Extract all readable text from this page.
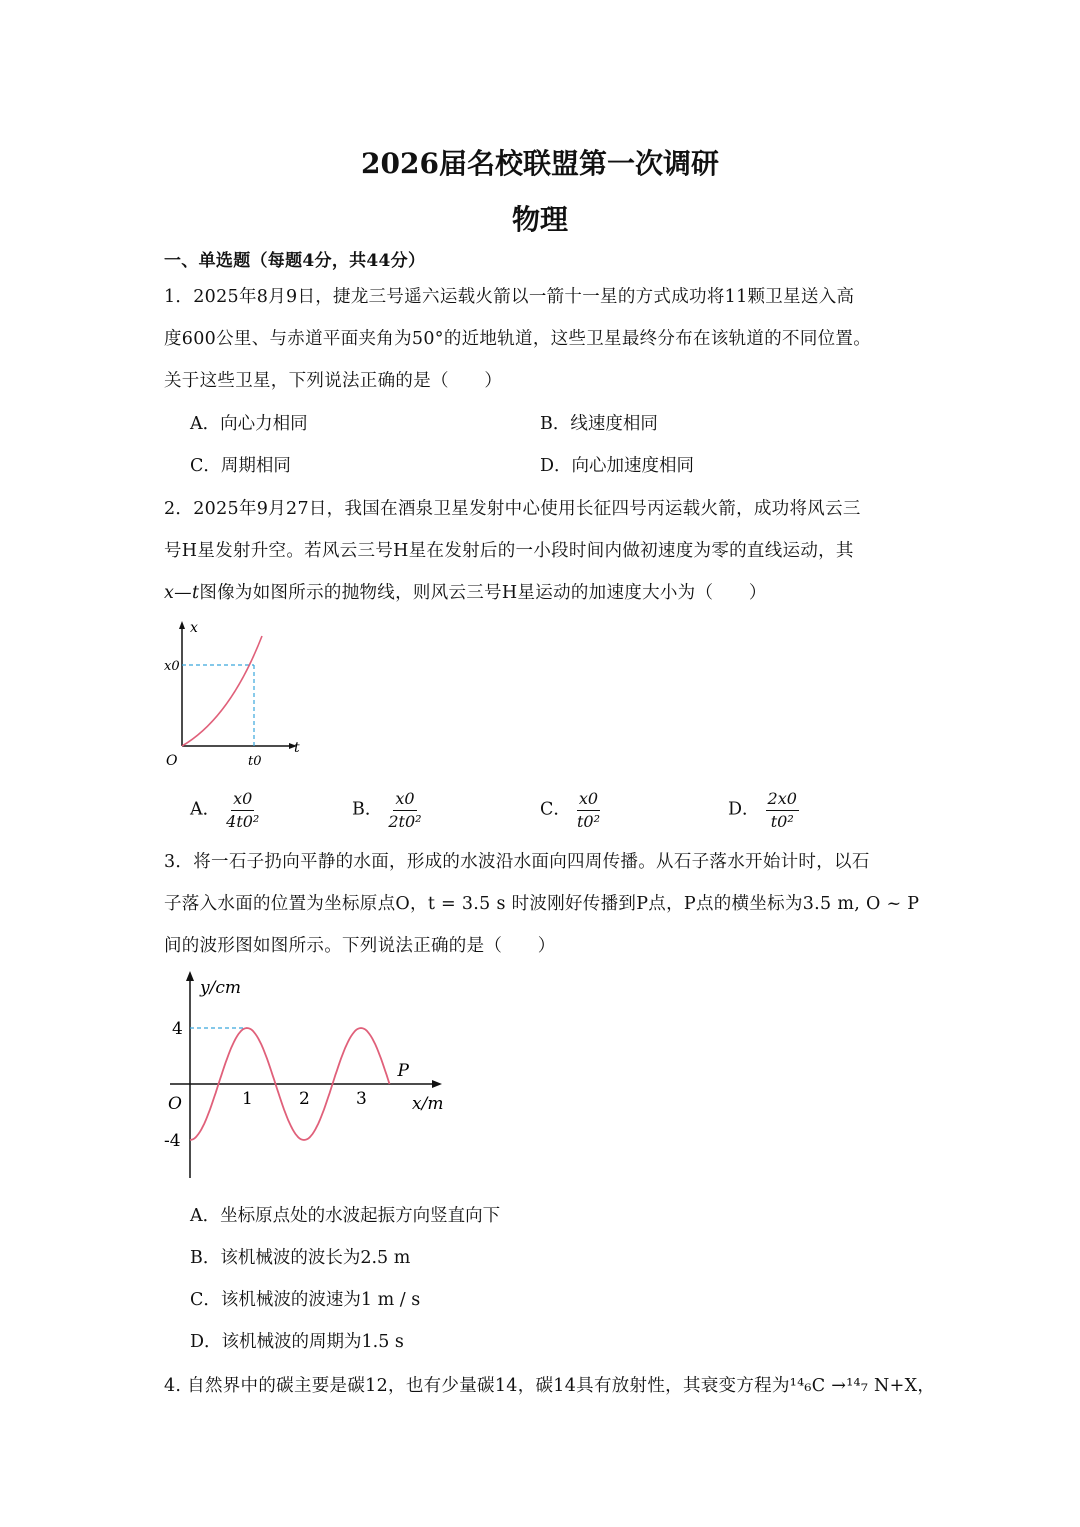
2026届名校联盟第一次调研
物理
一、单选题（每题4分，共44分）
1．2025年8月9日，捷龙三号遥六运载火箭以一箭十一星的方式成功将11颗卫星送入高
度600公里、与赤道平面夹角为50°的近地轨道，这些卫星最终分布在该轨道的不同位置。
关于这些卫星，下列说法正确的是（　　）
A．向心力相同	B．线速度相同
C．周期相同	D．向心加速度相同
2．2025年9月27日，我国在酒泉卫星发射中心使用长征四号丙运载火箭，成功将风云三
号H星发射升空。若风云三号H星在发射后的一小段时间内做初速度为零的直线运动，其
x—t图像为如图所示的抛物线，则风云三号H星运动的加速度大小为（　　）
x
t
O
x0
t0
A． $\frac{x0}{\text{4t0²}}$	B． $\frac{x0}{\text{2t0²}}$	C． $\frac{x0}{\text{t0²}}$	D． $\frac{2x0}{\text{t0²}}$
3．将一石子扔向平静的水面，形成的水波沿水面向四周传播。从石子落水开始计时，以石
子落入水面的位置为坐标原点O，t = 3.5 s 时波刚好传播到P点，P点的横坐标为3.5 m, O ~ P
间的波形图如图所示。下列说法正确的是（　　）
y/cm
x/m
O
P
1	2	3
4
-4
A．坐标原点处的水波起振方向竖直向下
B．该机械波的波长为2.5 m
C．该机械波的波速为1 m / s
D．该机械波的周期为1.5 s
4. 自然界中的碳主要是碳12，也有少量碳14，碳14具有放射性，其衰变方程为¹⁴₆C →¹⁴₇ N+X，
